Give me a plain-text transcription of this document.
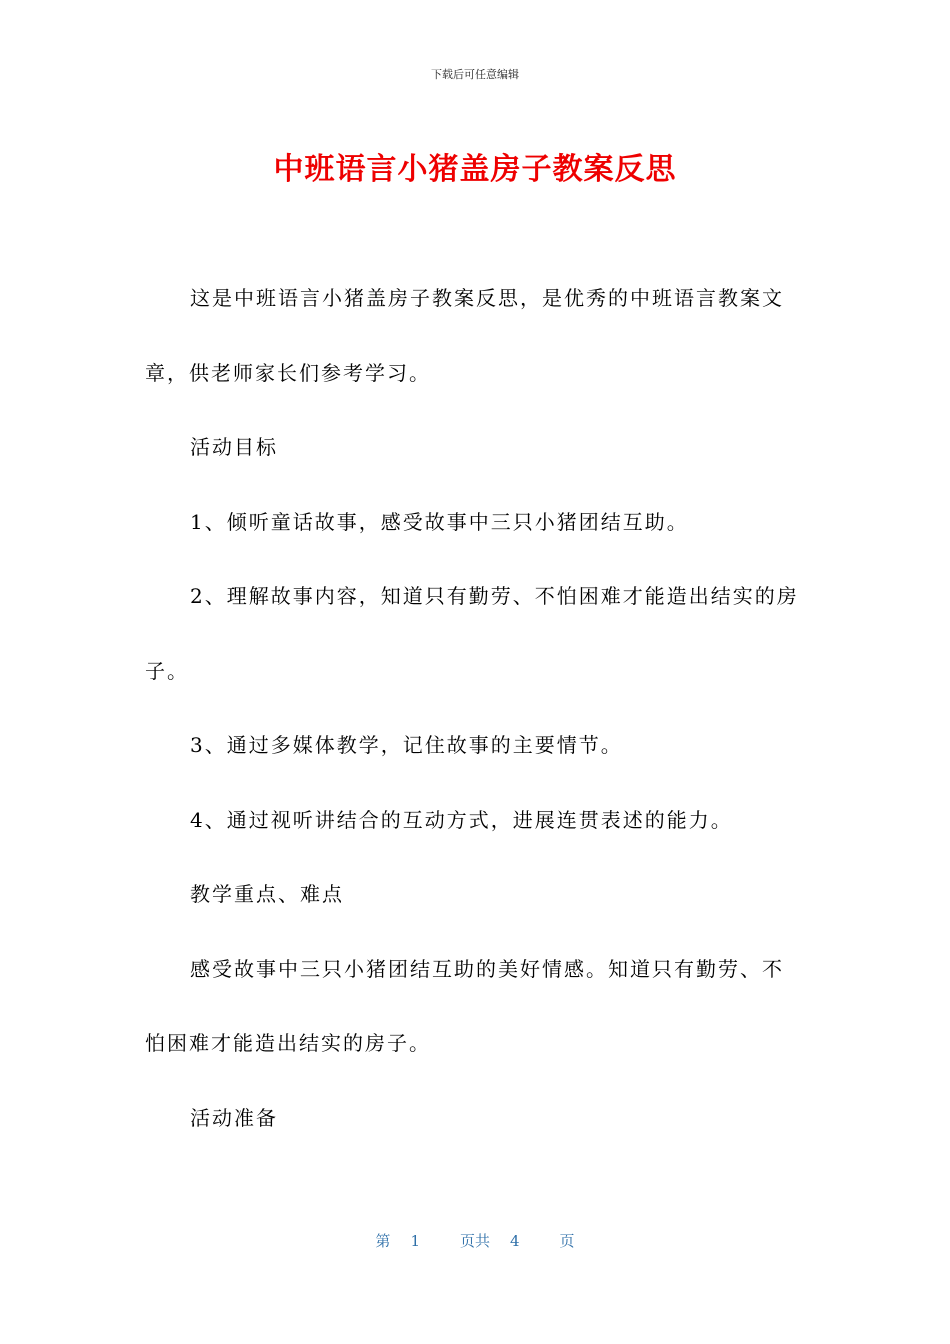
下载后可任意编辑
中班语言小猪盖房子教案反思
这是中班语言小猪盖房子教案反思，是优秀的中班语言教案文
章，供老师家长们参考学习。
活动目标
1、倾听童话故事，感受故事中三只小猪团结互助。
2、理解故事内容，知道只有勤劳、不怕困难才能造出结实的房
子。
3、通过多媒体教学，记住故事的主要情节。
4、通过视听讲结合的互动方式，进展连贯表述的能力。
教学重点、难点
感受故事中三只小猪团结互助的美好情感。知道只有勤劳、不
怕困难才能造出结实的房子。
活动准备
第 1	页共 4	页
